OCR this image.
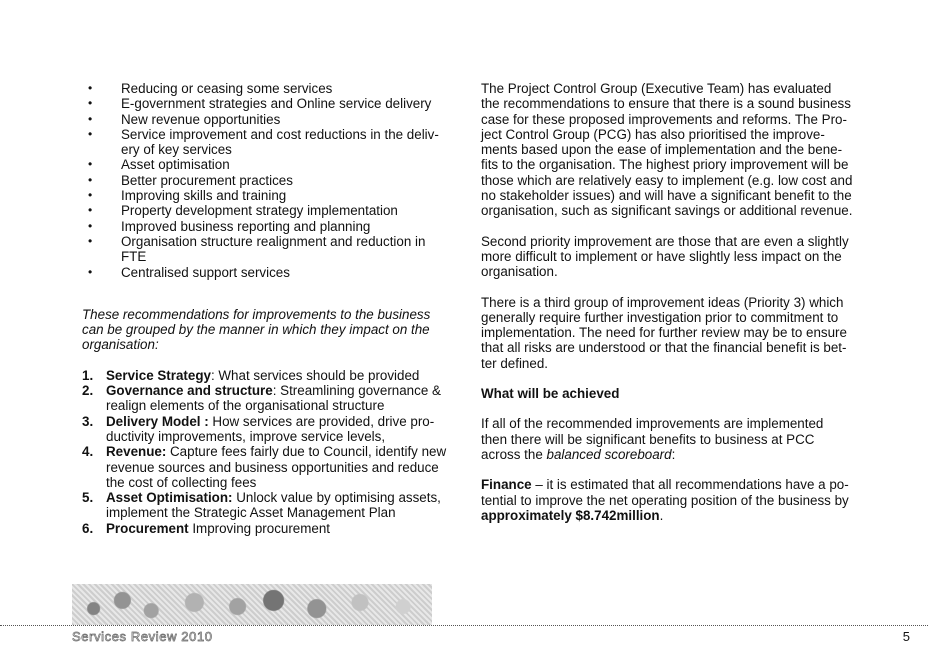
• Reducing or ceasing some services
• E-government strategies and Online service delivery
• New revenue opportunities
• Service improvement and cost reductions in the deliv-ery of key services
• Asset optimisation
• Better procurement practices
• Improving skills and training
• Property development strategy implementation
• Improved business reporting and planning
• Organisation structure realignment and reduction in FTE
• Centralised support services

These recommendations for improvements to the business can be grouped by the manner in which they impact on the organisation:

1. Service Strategy: What services should be provided
2. Governance and structure: Streamlining governance & realign elements of the organisational structure
3. Delivery Model : How services are provided, drive pro-ductivity improvements, improve service levels,
4. Revenue: Capture fees fairly due to Council, identify new revenue sources and business opportunities and reduce the cost of collecting fees
5. Asset Optimisation: Unlock value by optimising assets, implement the Strategic Asset Management Plan
6. Procurement Improving procurement

The Project Control Group (Executive Team) has evaluated the recommendations to ensure that there is a sound business case for these proposed improvements and reforms. The Pro-ject Control Group (PCG) has also prioritised the improve-ments based upon the ease of implementation and the bene-fits to the organisation. The highest priory improvement will be those which are relatively easy to implement (e.g. low cost and no stakeholder issues) and will have a significant benefit to the organisation, such as significant savings or additional revenue.

Second priority improvement are those that are even a slightly more difficult to implement or have slightly less impact on the organisation.

There is a third group of improvement ideas (Priority 3) which generally require further investigation prior to commitment to implementation. The need for further review may be to ensure that all risks are understood or that the financial benefit is bet-ter defined.

What will be achieved

If all of the recommended improvements are implemented then there will be significant benefits to business at PCC across the balanced scoreboard:

Finance – it is estimated that all recommendations have a po-tential to improve the net operating position of the business by approximately $8.742million.

Services Review 2010	5
